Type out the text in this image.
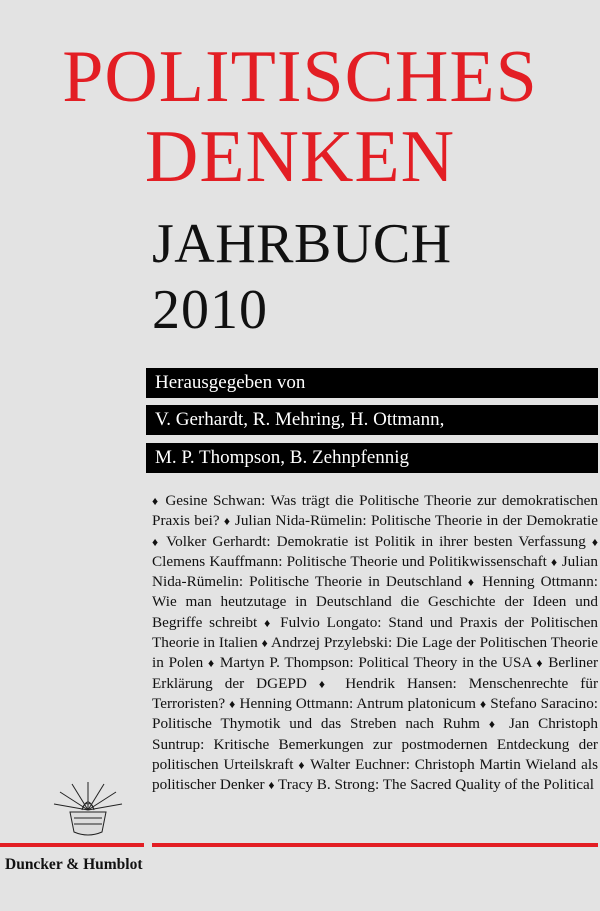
POLITISCHES
DENKEN
JAHRBUCH
2010
Herausgegeben von
V. Gerhardt, R. Mehring, H. Ottmann,
M. P. Thompson, B. Zehnpfennig
♦ Gesine Schwan: Was trägt die Politische Theorie zur demokratischen Praxis bei? ♦ Julian Nida-Rümelin: Politische Theorie in der Demokratie♦ Volker Gerhardt: Demokratie ist Politik in ihrer besten Verfassung ♦ Clemens Kauffmann: Politische Theorie und Politikwissenschaft ♦ Julian Nida-Rümelin: Politische Theorie in Deutschland ♦ Henning Ottmann: Wie man heutzutage in Deutschland die Geschichte der Ideen und Begriffe schreibt ♦ Fulvio Longato: Stand und Praxis der Politischen Theorie in Italien ♦ Andrzej Przylebski: Die Lage der Politischen Theorie in Polen ♦ Martyn P. Thompson: Political Theory in the USA ♦ Berliner Erklärung der DGEPD ♦ Hendrik Hansen: Menschenrechte für Terroristen? ♦ Henning Ottmann: Antrum platonicum ♦ Stefano Saracino: Politische Thymotik und das Streben nach Ruhm ♦ Jan Christoph Suntrup: Kritische Bemerkungen zur postmodernen Entdeckung der politischen Urteilskraft ♦ Walter Euchner: Christoph Martin Wieland als politischer Denker ♦ Tracy B. Strong: The Sacred Quality of the Political
Duncker & Humblot
